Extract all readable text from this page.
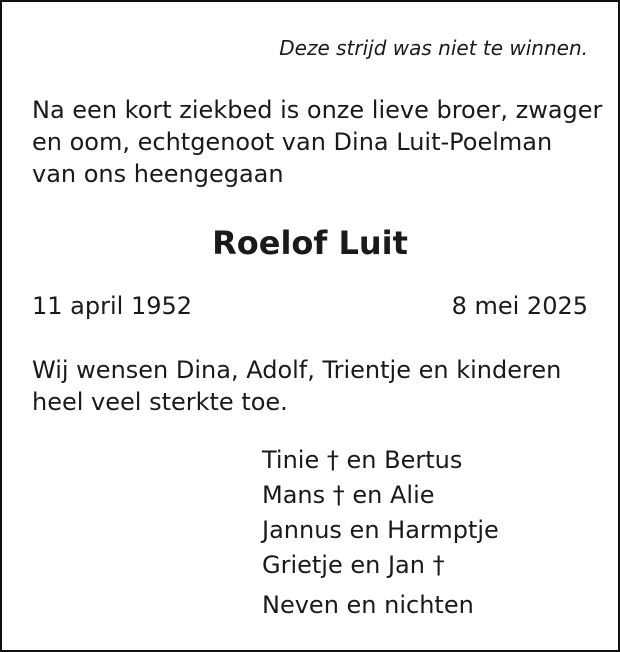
Deze strijd was niet te winnen.
Na een kort ziekbed is onze lieve broer, zwager
en oom, echtgenoot van Dina Luit-Poelman
van ons heengegaan
Roelof Luit
11 april 1952	8 mei 2025
Wij wensen Dina, Adolf, Trientje en kinderen
heel veel sterkte toe.
Tinie † en Bertus
Mans † en Alie
Jannus en Harmptje
Grietje en Jan †
Neven en nichten
